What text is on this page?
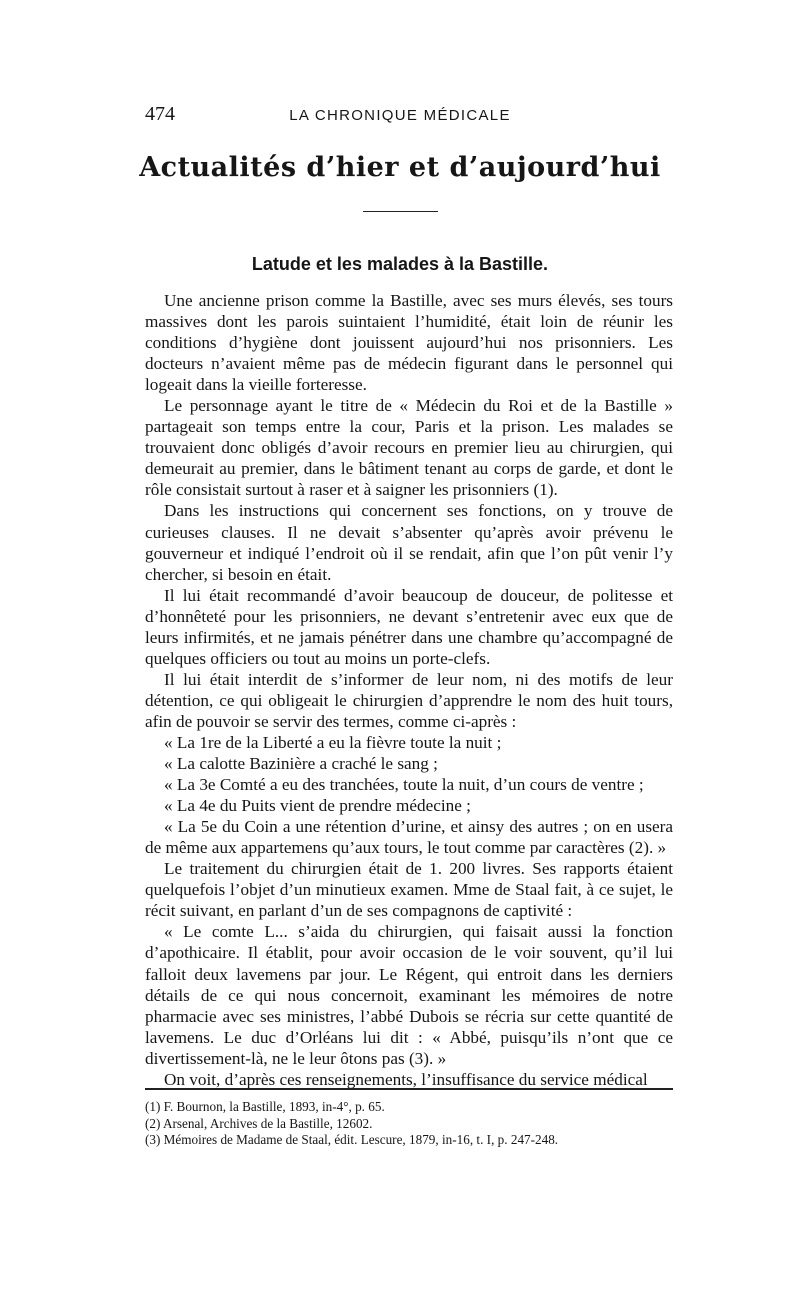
474	LA CHRONIQUE MÉDICALE
Actualités d’hier et d’aujourd’hui
Latude et les malades à la Bastille.

Une ancienne prison comme la Bastille, avec ses murs élevés, ses tours massives dont les parois suintaient l’humidité, était loin de réunir les conditions d’hygiène dont jouissent aujourd’hui nos prisonniers. Les docteurs n’avaient même pas de médecin figurant dans le personnel qui logeait dans la vieille forteresse.

Le personnage ayant le titre de « Médecin du Roi et de la Bastille » partageait son temps entre la cour, Paris et la prison. Les malades se trouvaient donc obligés d’avoir recours en premier lieu au chirurgien, qui demeurait au premier, dans le bâtiment tenant au corps de garde, et dont le rôle consistait surtout à raser et à saigner les prisonniers (1).

Dans les instructions qui concernent ses fonctions, on y trouve de curieuses clauses. Il ne devait s’absenter qu’après avoir prévenu le gouverneur et indiqué l’endroit où il se rendait, afin que l’on pût venir l’y chercher, si besoin en était.

Il lui était recommandé d’avoir beaucoup de douceur, de politesse et d’honnêteté pour les prisonniers, ne devant s’entretenir avec eux que de leurs infirmités, et ne jamais pénétrer dans une chambre qu’accompagné de quelques officiers ou tout au moins un porte-clefs.

Il lui était interdit de s’informer de leur nom, ni des motifs de leur détention, ce qui obligeait le chirurgien d’apprendre le nom des huit tours, afin de pouvoir se servir des termes, comme ci-après :

« La 1re de la Liberté a eu la fièvre toute la nuit ;

« La calotte Bazinière a craché le sang ;

« La 3e Comté a eu des tranchées, toute la nuit, d’un cours de ventre ;

« La 4e du Puits vient de prendre médecine ;

« La 5e du Coin a une rétention d’urine, et ainsy des autres ; on en usera de même aux appartemens qu’aux tours, le tout comme par caractères (2). »

Le traitement du chirurgien était de 1. 200 livres. Ses rapports étaient quelquefois l’objet d’un minutieux examen. Mme de Staal fait, à ce sujet, le récit suivant, en parlant d’un de ses compagnons de captivité :

« Le comte L... s’aida du chirurgien, qui faisait aussi la fonction d’apothicaire. Il établit, pour avoir occasion de le voir souvent, qu’il lui falloit deux lavemens par jour. Le Régent, qui entroit dans les derniers détails de ce qui nous concernoit, examinant les mémoires de notre pharmacie avec ses ministres, l’abbé Dubois se récria sur cette quantité de lavemens. Le duc d’Orléans lui dit : « Abbé, puisqu’ils n’ont que ce divertissement-là, ne le leur ôtons pas (3). »

On voit, d’après ces renseignements, l’insuffisance du service médical

(1) F. Bournon, la Bastille, 1893, in-4°, p. 65.
(2) Arsenal, Archives de la Bastille, 12602.
(3) Mémoires de Madame de Staal, édit. Lescure, 1879, in-16, t. I, p. 247-248.
